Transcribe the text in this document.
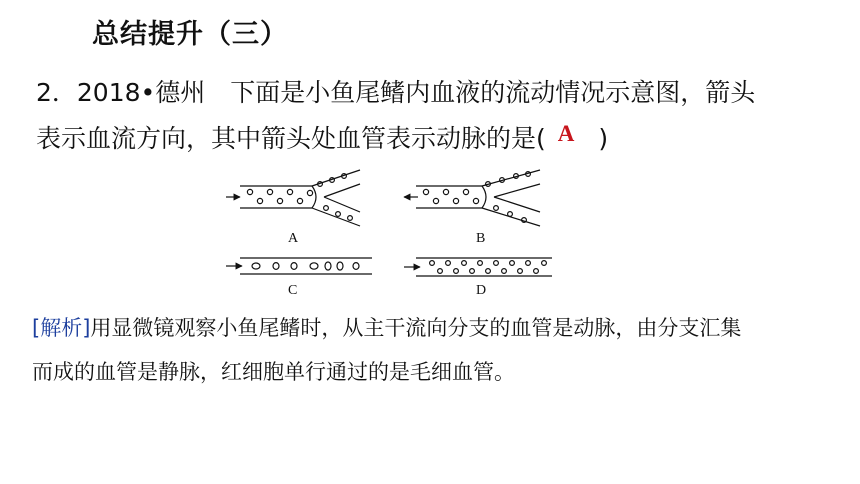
总结提升（三）
2．2018•德州　下面是小鱼尾鳍内血液的流动情况示意图，箭头
表示血流方向，其中箭头处血管表示动脉的是( A )
A	B
C	D
[解析]用显微镜观察小鱼尾鳍时，从主干流向分支的血管是动脉，由分支汇集
而成的血管是静脉，红细胞单行通过的是毛细血管。
